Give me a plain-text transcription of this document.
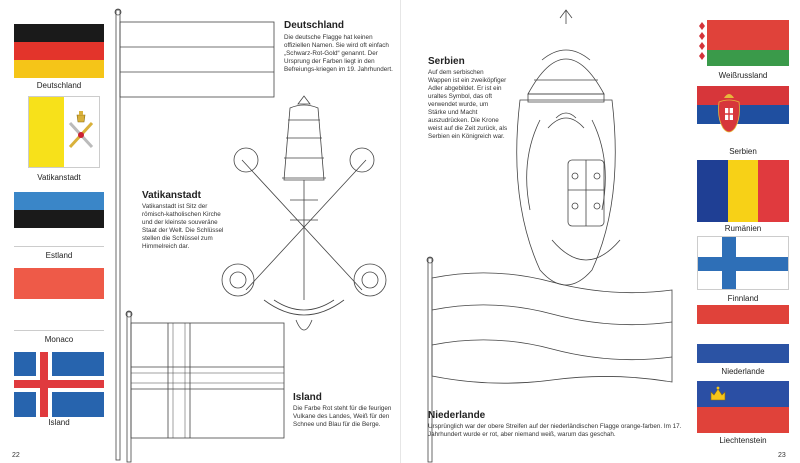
Deutschland
Vatikanstadt
Estland
Monaco
Island
Deutschland
Die deutsche Flagge hat keinen offiziellen Namen. Sie wird oft einfach „Schwarz-Rot-Gold“ genannt. Der Ursprung der Farben liegt in den Befreiungs-kriegen im 19. Jahrhundert.
Vatikanstadt
Vatikanstadt ist Sitz der römisch-katholischen Kirche und der kleinste souveräne Staat der Welt. Die Schlüssel stellen die Schlüssel zum Himmelreich dar.
Island
Die Farbe Rot steht für die feurigen Vulkane des Landes, Weiß für den Schnee und Blau für die Berge.
Serbien
Auf dem serbischen Wappen ist ein zweiköpfiger Adler abgebildet. Er ist ein uraltes Symbol, das oft verwendet wurde, um Stärke und Macht auszudrücken. Die Krone weist auf die Zeit zurück, als Serbien ein Königreich war.
Niederlande
Ursprünglich war der obere Streifen auf der niederländischen Flagge orange-farben. Im 17. Jahrhundert wurde er rot, aber niemand weiß, warum das geschah.
Weißrussland
Serbien
Rumänien
Finnland
Niederlande
Liechtenstein
22	23
